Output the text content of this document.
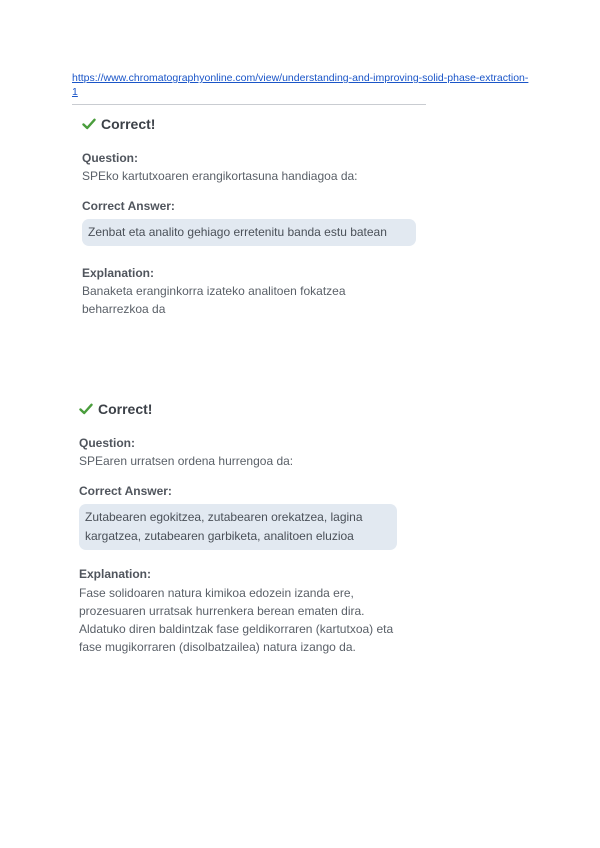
https://www.chromatographyonline.com/view/understanding-and-improving-solid-phase-extraction-1
Correct!
Question:
SPEko kartutxoaren erangikortasuna handiagoa da:
Correct Answer:
Zenbat eta analito gehiago erretenitu banda estu batean
Explanation:
Banaketa eranginkorra izateko analitoen fokatzea beharrezkoa da
Correct!
Question:
SPEaren urratsen ordena hurrengoa da:
Correct Answer:
Zutabearen egokitzea, zutabearen orekatzea, lagina kargatzea, zutabearen garbiketa, analitoen eluzioa
Explanation:
Fase solidoaren natura kimikoa edozein izanda ere, prozesuaren urratsak hurrenkera berean ematen dira. Aldatuko diren baldintzak fase geldikorraren (kartutxoa) eta fase mugikorraren (disolbatzailea) natura izango da.
